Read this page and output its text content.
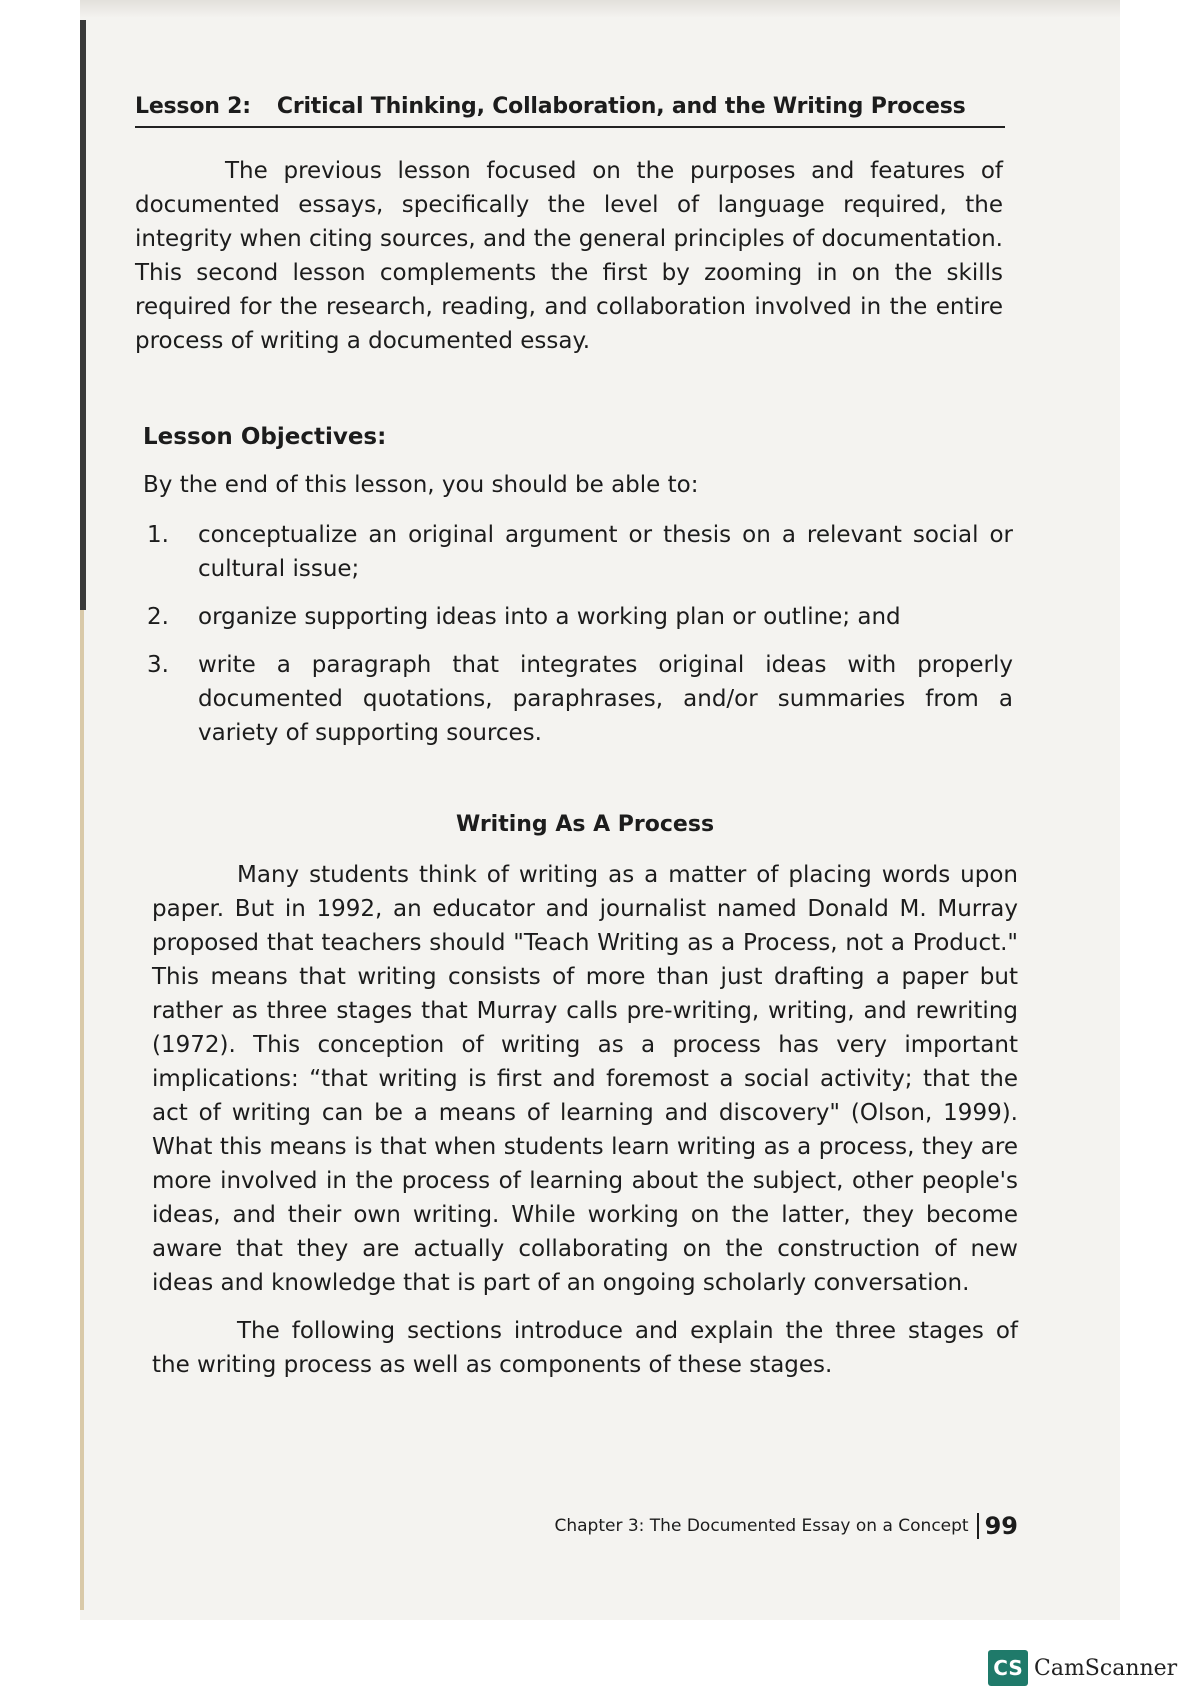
Lesson 2: Critical Thinking, Collaboration, and the Writing Process

The previous lesson focused on the purposes and features of documented essays, specifically the level of language required, the integrity when citing sources, and the general principles of documentation. This second lesson complements the first by zooming in on the skills required for the research, reading, and collaboration involved in the entire process of writing a documented essay.

Lesson Objectives:
By the end of this lesson, you should be able to:
1. conceptualize an original argument or thesis on a relevant social or cultural issue;
2. organize supporting ideas into a working plan or outline; and
3. write a paragraph that integrates original ideas with properly documented quotations, paraphrases, and/or summaries from a variety of supporting sources.
Writing As A Process

Many students think of writing as a matter of placing words upon paper. But in 1992, an educator and journalist named Donald M. Murray proposed that teachers should "Teach Writing as a Process, not a Product." This means that writing consists of more than just drafting a paper but rather as three stages that Murray calls pre-writing, writing, and rewriting (1972). This conception of writing as a process has very important implications: “that writing is first and foremost a social activity; that the act of writing can be a means of learning and discovery" (Olson, 1999). What this means is that when students learn writing as a process, they are more involved in the process of learning about the subject, other people's ideas, and their own writing. While working on the latter, they become aware that they are actually collaborating on the construction of new ideas and knowledge that is part of an ongoing scholarly conversation.

The following sections introduce and explain the three stages of the writing process as well as components of these stages.

Chapter 3: The Documented Essay on a Concept 99
CS CamScanner
